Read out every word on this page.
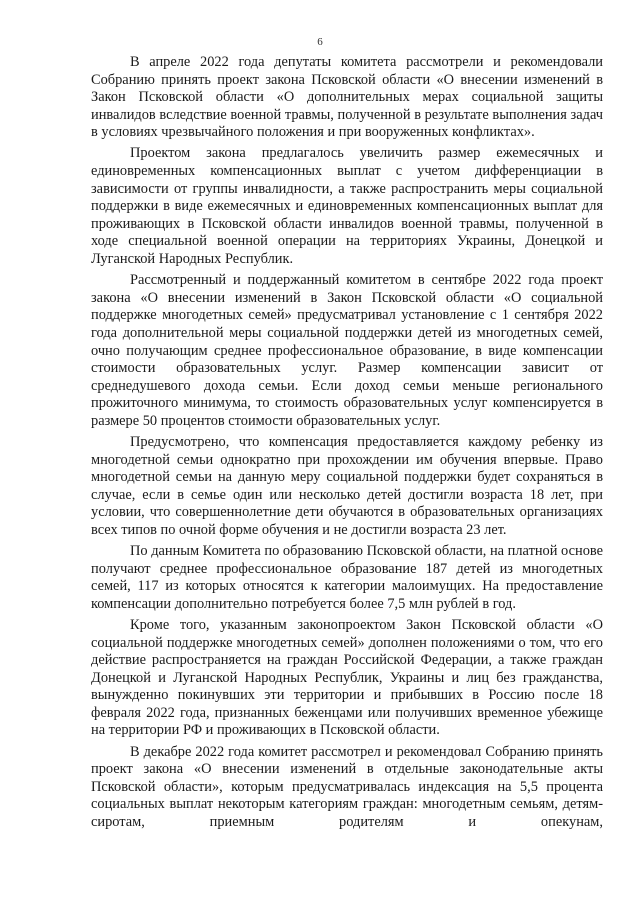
6

В апреле 2022 года депутаты комитета рассмотрели и рекомендовали Собранию принять проект закона Псковской области «О внесении изменений в Закон Псковской области «О дополнительных мерах социальной защиты инвалидов вследствие военной травмы, полученной в результате выполнения задач в условиях чрезвычайного положения и при вооруженных конфликтах».

Проектом закона предлагалось увеличить размер ежемесячных и единовременных компенсационных выплат с учетом дифференциации в зависимости от группы инвалидности, а также распространить меры социальной поддержки в виде ежемесячных и единовременных компенсационных выплат для проживающих в Псковской области инвалидов военной травмы, полученной в ходе специальной военной операции на территориях Украины, Донецкой и Луганской Народных Республик.

Рассмотренный и поддержанный комитетом в сентябре 2022 года проект закона «О внесении изменений в Закон Псковской области «О социальной поддержке многодетных семей» предусматривал установление с 1 сентября 2022 года дополнительной меры социальной поддержки детей из многодетных семей, очно получающим среднее профессиональное образование, в виде компенсации стоимости образовательных услуг. Размер компенсации зависит от среднедушевого дохода семьи. Если доход семьи меньше регионального прожиточного минимума, то стоимость образовательных услуг компенсируется в размере 50 процентов стоимости образовательных услуг.

Предусмотрено, что компенсация предоставляется каждому ребенку из многодетной семьи однократно при прохождении им обучения впервые. Право многодетной семьи на данную меру социальной поддержки будет сохраняться в случае, если в семье один или несколько детей достигли возраста 18 лет, при условии, что совершеннолетние дети обучаются в образовательных организациях всех типов по очной форме обучения и не достигли возраста 23 лет.

По данным Комитета по образованию Псковской области, на платной основе получают среднее профессиональное образование 187 детей из многодетных семей, 117 из которых относятся к категории малоимущих. На предоставление компенсации дополнительно потребуется более 7,5 млн рублей в год.

Кроме того, указанным законопроектом Закон Псковской области «О социальной поддержке многодетных семей» дополнен положениями о том, что его действие распространяется на граждан Российской Федерации, а также граждан Донецкой и Луганской Народных Республик, Украины и лиц без гражданства, вынужденно покинувших эти территории и прибывших в Россию после 18 февраля 2022 года, признанных беженцами или получивших временное убежище на территории РФ и проживающих в Псковской области.

В декабре 2022 года комитет рассмотрел и рекомендовал Собранию принять проект закона «О внесении изменений в отдельные законодательные акты Псковской области», которым предусматривалась индексация на 5,5 процента социальных выплат некоторым категориям граждан: многодетным семьям, детям-сиротам, приемным родителям и опекунам,
